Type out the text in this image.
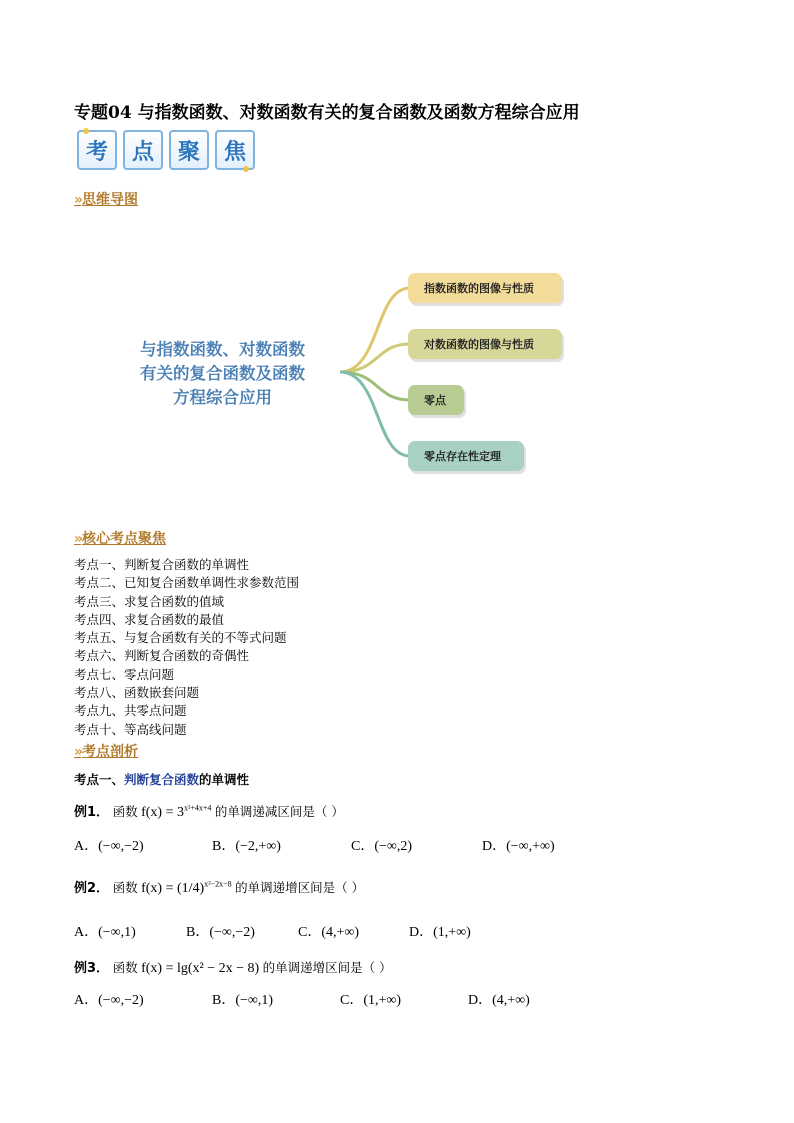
专题04 与指数函数、对数函数有关的复合函数及函数方程综合应用
考 点 聚 焦
»思维导图
与指数函数、对数函数
有关的复合函数及函数
方程综合应用
指数函数的图像与性质
对数函数的图像与性质
零点
零点存在性定理
»核心考点聚焦
考点一、判断复合函数的单调性
考点二、已知复合函数单调性求参数范围
考点三、求复合函数的值域
考点四、求复合函数的最值
考点五、与复合函数有关的不等式问题
考点六、判断复合函数的奇偶性
考点七、零点问题
考点八、函数嵌套问题
考点九、共零点问题
考点十、等高线问题
»考点剖析
考点一、判断复合函数的单调性
例1． 函数 $f(x) = 3^{x^2+4x+4}$ 的单调递减区间是（ ）
A．(−∞,−2)	B．(−2,+∞)	C．(−∞,2)	D．(−∞,+∞)
例2． 函数 $f(x) = (1/4)^{x^2-2x-8}$ 的单调递增区间是（ ）
A．(−∞,1)	B．(−∞,−2)	C．(4,+∞)	D．(1,+∞)
例3． 函数 f(x) = lg(x² − 2x − 8) 的单调递增区间是（ ）
A．(−∞,−2)	B．(−∞,1)	C．(1,+∞)	D．(4,+∞)
